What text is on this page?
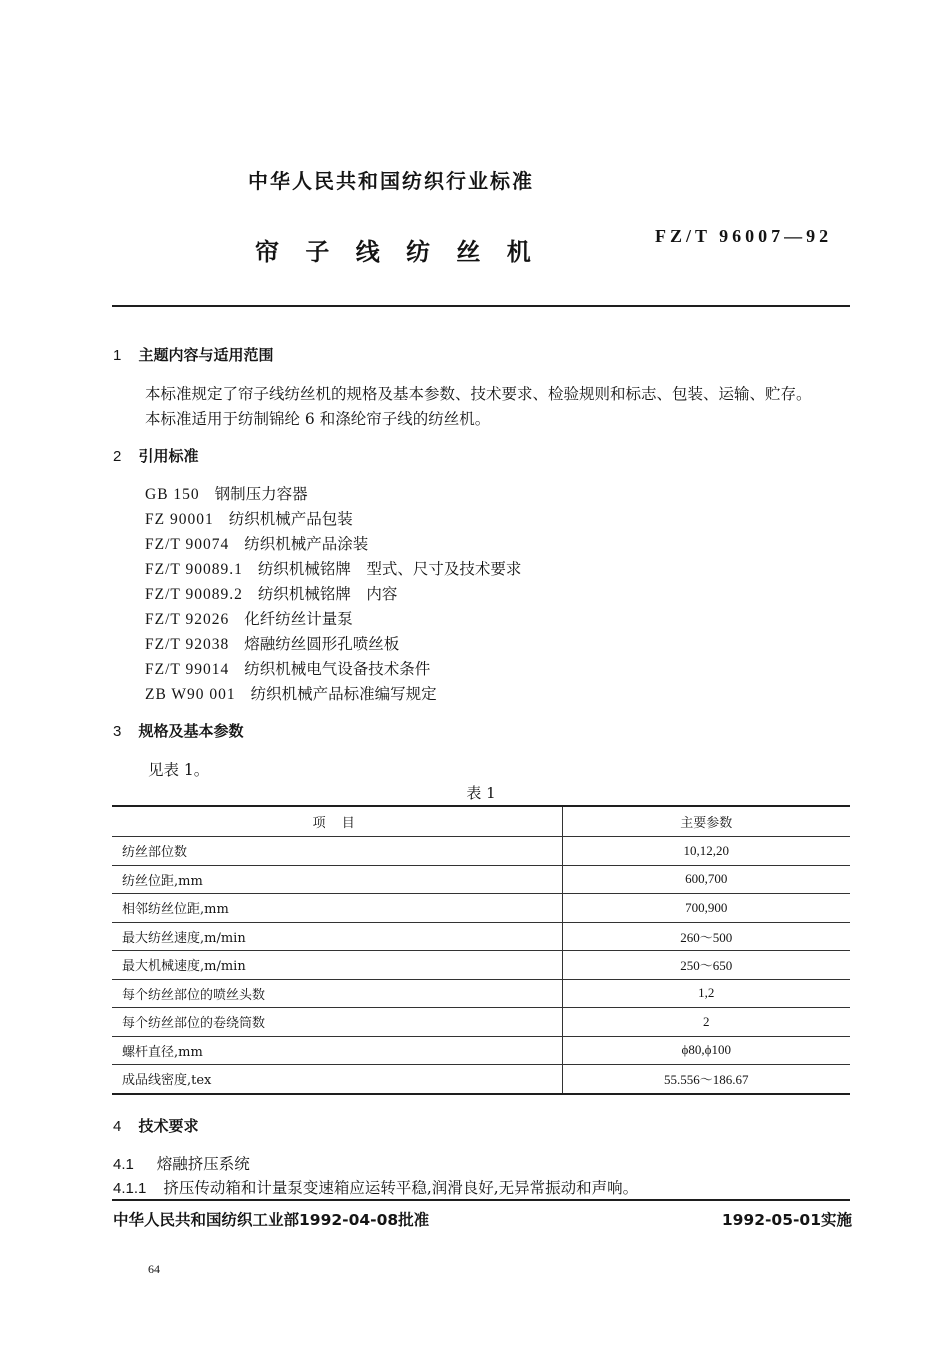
中华人民共和国纺织行业标准
帘 子 线 纺 丝 机
FZ/T 96007—92
1 主题内容与适用范围
本标准规定了帘子线纺丝机的规格及基本参数、技术要求、检验规则和标志、包装、运输、贮存。
本标准适用于纺制锦纶 6 和涤纶帘子线的纺丝机。
2 引用标准
GB 150 钢制压力容器
FZ 90001 纺织机械产品包装
FZ/T 90074 纺织机械产品涂装
FZ/T 90089.1 纺织机械铭牌　型式、尺寸及技术要求
FZ/T 90089.2 纺织机械铭牌　内容
FZ/T 92026 化纤纺丝计量泵
FZ/T 92038 熔融纺丝圆形孔喷丝板
FZ/T 99014 纺织机械电气设备技术条件
ZB W90 001 纺织机械产品标准编写规定
3 规格及基本参数
见表 1。
表 1
项 目	主要参数
纺丝部位数	10,12,20
纺丝位距,mm	600,700
相邻纺丝位距,mm	700,900
最大纺丝速度,m/min	260～500
最大机械速度,m/min	250～650
每个纺丝部位的喷丝头数	1,2
每个纺丝部位的卷绕筒数	2
螺杆直径,mm	ϕ80,ϕ100
成品线密度,tex	55.556～186.67
4 技术要求
4.1 熔融挤压系统
4.1.1 挤压传动箱和计量泵变速箱应运转平稳,润滑良好,无异常振动和声响。
中华人民共和国纺织工业部1992-04-08批准	1992-05-01实施
64
